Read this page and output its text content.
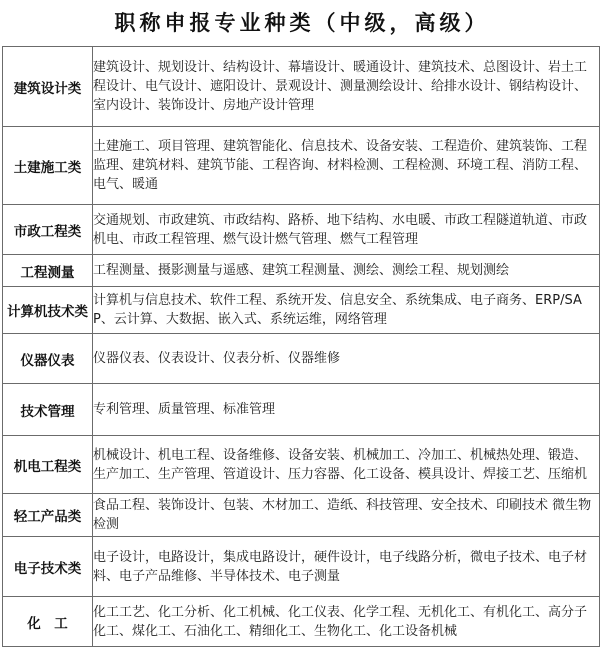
职称申报专业种类（中级，高级）
建筑设计类	建筑设计、规划设计、结构设计、幕墙设计、暖通设计、建筑技术、总图设计、岩土工程设计、电气设计、遮阳设计、景观设计、测量测绘设计、给排水设计、钢结构设计、室内设计、装饰设计、房地产设计管理
土建施工类	土建施工、项目管理、建筑智能化、信息技术、设备安装、工程造价、建筑装饰、工程监理、建筑材料、建筑节能、工程咨询、材料检测、工程检测、环境工程、消防工程、电气、暖通
市政工程类	交通规划、市政建筑、市政结构、路桥、地下结构、水电暖、市政工程隧道轨道、市政机电、市政工程管理、燃气设计燃气管理、燃气工程管理
工程测量	工程测量、摄影测量与遥感、建筑工程测量、测绘、测绘工程、规划测绘
计算机技术类	计算机与信息技术、软件工程、系统开发、信息安全、系统集成、电子商务、ERP/SAP、云计算、大数据、嵌入式、系统运维，网络管理
仪器仪表	仪器仪表、仪表设计、仪表分析、仪器维修
技术管理	专利管理、质量管理、标准管理
机电工程类	机械设计、机电工程、设备维修、设备安装、机械加工、冷加工、机械热处理、锻造、生产加工、生产管理、管道设计、压力容器、化工设备、模具设计、焊接工艺、压缩机
轻工产品类	食品工程、装饰设计、包装、木材加工、造纸、科技管理、安全技术、印刷技术 微生物检测
电子技术类	电子设计，电路设计，集成电路设计，硬件设计，电子线路分析，微电子技术、电子材料、电子产品维修、半导体技术、电子测量
化　工	化工工艺、化工分析、化工机械、化工仪表、化学工程、无机化工、有机化工、高分子化工、煤化工、石油化工、精细化工、生物化工、化工设备机械
